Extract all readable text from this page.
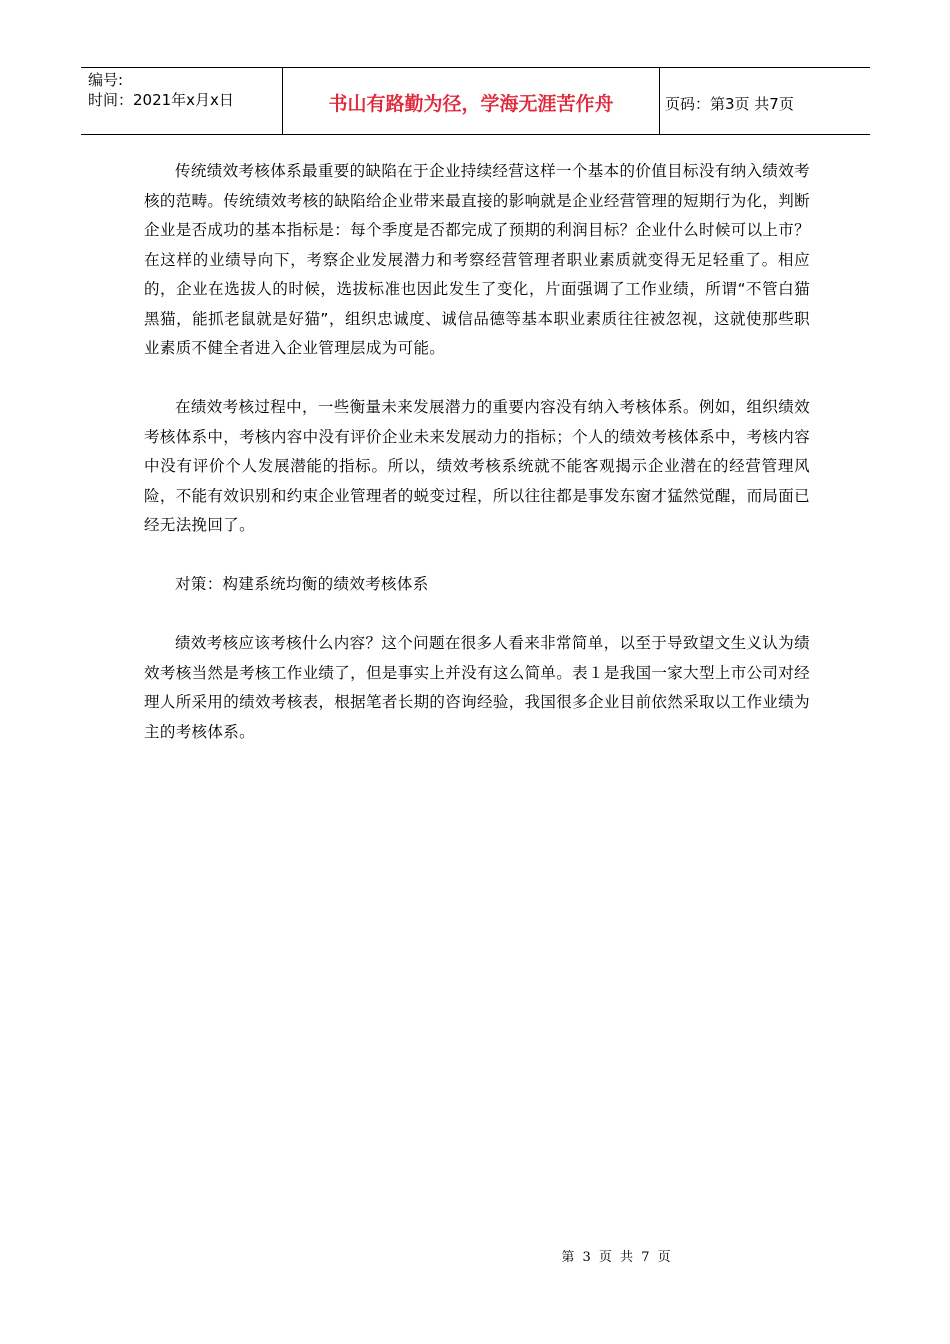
编号:
时间：2021年x月x日	书山有路勤为径，学海无涯苦作舟	页码：第3页 共7页

传统绩效考核体系最重要的缺陷在于企业持续经营这样一个基本的价值目标没有纳入绩效考核的范畴。传统绩效考核的缺陷给企业带来最直接的影响就是企业经营管理的短期行为化，判断企业是否成功的基本指标是：每个季度是否都完成了预期的利润目标？企业什么时候可以上市？在这样的业绩导向下，考察企业发展潜力和考察经营管理者职业素质就变得无足轻重了。相应的，企业在选拔人的时候，选拔标准也因此发生了变化，片面强调了工作业绩，所谓“不管白猫黑猫，能抓老鼠就是好猫”，组织忠诚度、诚信品德等基本职业素质往往被忽视，这就使那些职业素质不健全者进入企业管理层成为可能。

在绩效考核过程中，一些衡量未来发展潜力的重要内容没有纳入考核体系。例如，组织绩效考核体系中，考核内容中没有评价企业未来发展动力的指标；个人的绩效考核体系中，考核内容中没有评价个人发展潜能的指标。所以，绩效考核系统就不能客观揭示企业潜在的经营管理风险，不能有效识别和约束企业管理者的蜕变过程，所以往往都是事发东窗才猛然觉醒，而局面已经无法挽回了。

对策：构建系统均衡的绩效考核体系

绩效考核应该考核什么内容？这个问题在很多人看来非常简单，以至于导致望文生义认为绩效考核当然是考核工作业绩了，但是事实上并没有这么简单。表１是我国一家大型上市公司对经理人所采用的绩效考核表，根据笔者长期的咨询经验，我国很多企业目前依然采取以工作业绩为主的考核体系。

第 3 页 共 7 页
